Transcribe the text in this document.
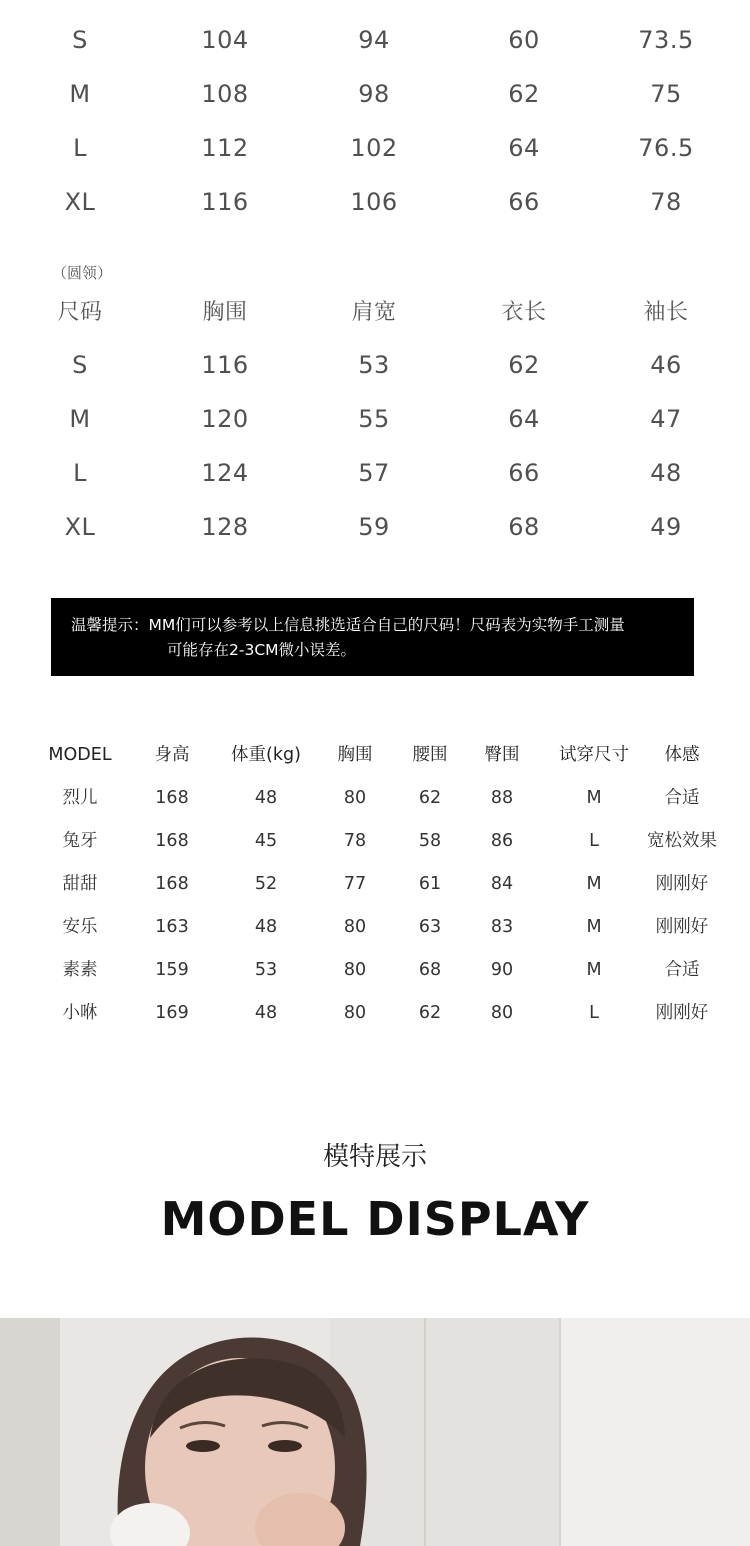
S	104	94	60	73.5
M	108	98	62	75
L	112	102	64	76.5
XL	116	106	66	78
（圆领）
尺码	胸围	肩宽	衣长	袖长
S	116	53	62	46
M	120	55	64	47
L	124	57	66	48
XL	128	59	68	49
温馨提示：MM们可以参考以上信息挑选适合自己的尺码！尺码表为实物手工测量
可能存在2-3CM微小误差。
MODEL	身高	体重(kg)	胸围	腰围	臀围	试穿尺寸	体感
烈儿	168	48	80	62	88	M	合适
兔牙	168	45	78	58	86	L	宽松效果
甜甜	168	52	77	61	84	M	刚刚好
安乐	163	48	80	63	83	M	刚刚好
素素	159	53	80	68	90	M	合适
小咻	169	48	80	62	80	L	刚刚好
模特展示
MODEL DISPLAY
